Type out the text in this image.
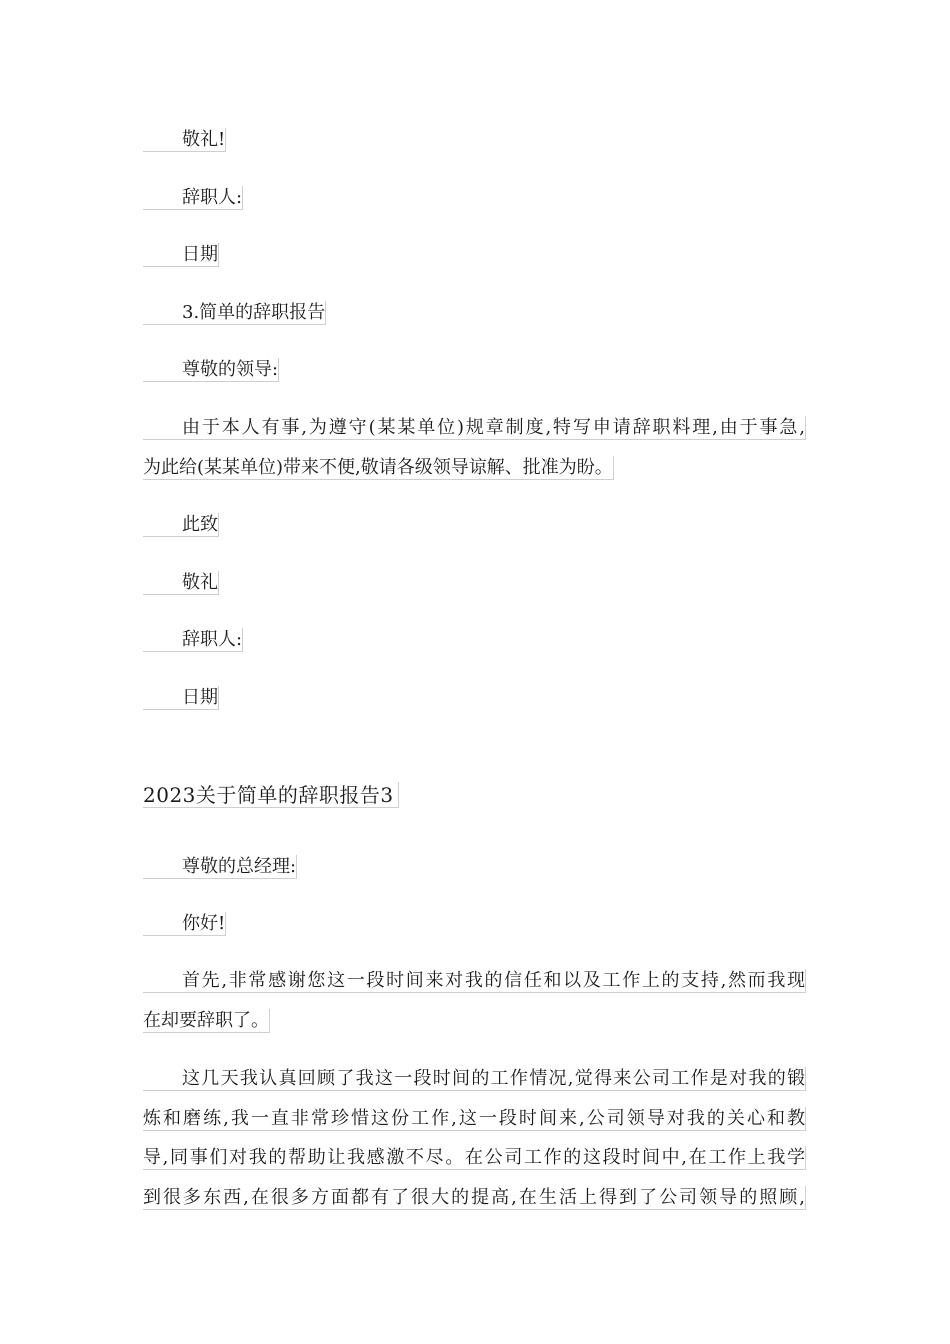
敬礼!
辞职人:
日期
3.简单的辞职报告
尊敬的领导:
由于本人有事,为遵守(某某单位)规章制度,特写申请辞职料理,由于事急,
为此给(某某单位)带来不便,敬请各级领导谅解、批准为盼。
此致
敬礼
辞职人:
日期
2023关于简单的辞职报告3
尊敬的总经理:
你好!
首先,非常感谢您这一段时间来对我的信任和以及工作上的支持,然而我现
在却要辞职了。
这几天我认真回顾了我这一段时间的工作情况,觉得来公司工作是对我的锻
炼和磨练,我一直非常珍惜这份工作,这一段时间来,公司领导对我的关心和教
导,同事们对我的帮助让我感激不尽。在公司工作的这段时间中,在工作上我学
到很多东西,在很多方面都有了很大的提高,在生活上得到了公司领导的照顾,
